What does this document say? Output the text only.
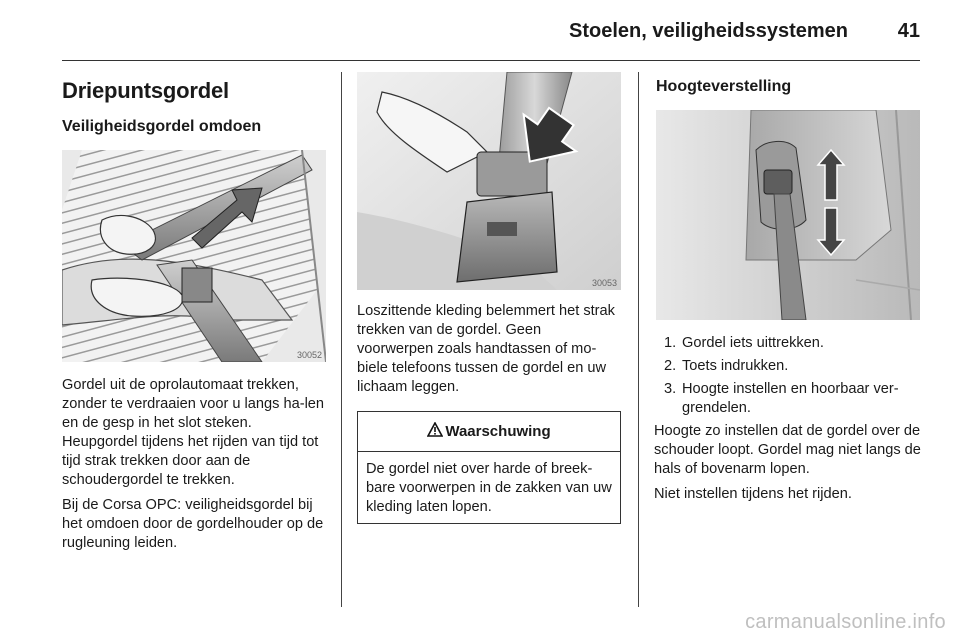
Stoelen, veiligheidssystemen 41
Driepuntsgordel
Veiligheidsgordel omdoen
30052

Gordel uit de oprolautomaat trekken, zonder te verdraaien voor u langs ha-len en de gesp in het slot steken. Heupgordel tijdens het rijden van tijd tot tijd strak trekken door aan de schoudergordel te trekken.

Bij de Corsa OPC: veiligheidsgordel bij het omdoen door de gordelhouder op de rugleuning leiden.

30053

Loszittende kleding belemmert het strak trekken van de gordel. Geen voorwerpen zoals handtassen of mo-biele telefoons tussen de gordel en uw lichaam leggen.

Waarschuwing

De gordel niet over harde of breek-bare voorwerpen in de zakken van uw kleding laten lopen.

Hoogteverstelling
1. Gordel iets uittrekken.
2. Toets indrukken.
3. Hoogte instellen en hoorbaar ver-grendelen.

Hoogte zo instellen dat de gordel over de schouder loopt. Gordel mag niet langs de hals of bovenarm lopen.

Niet instellen tijdens het rijden.

carmanualsonline.info
